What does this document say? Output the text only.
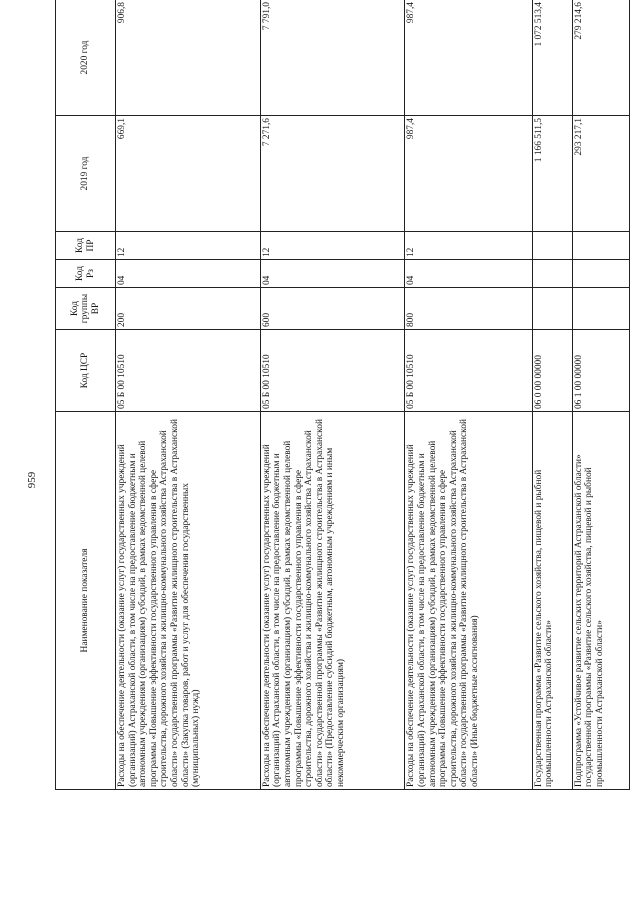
959
Наименование показателя	Код ЦСР	Код группы ВР	Код Рз	Код ПР	2019 год	2020 год
Расходы на обеспечение деятельности (оказание услуг) государственных учреждений (организаций) Астраханской области, в том числе на предоставление бюджетным и автономным учреждениям (организациям) субсидий, в рамках ведомственной целевой программы «Повышение эффективности государственного управления в сфере строительства, дорожного хозяйства и жилищно-коммунального хозяйства Астраханской области» государственной программы «Развитие жилищного строительства в Астраханской области» (Закупка товаров, работ и услуг для обеспечения государственных (муниципальных) нужд)	05 Б 00 10510	200	04	12	669,1	906,8
Расходы на обеспечение деятельности (оказание услуг) государственных учреждений (организаций) Астраханской области, в том числе на предоставление бюджетным и автономным учреждениям (организациям) субсидий, в рамках ведомственной целевой программы «Повышение эффективности государственного управления в сфере строительства, дорожного хозяйства и жилищно-коммунального хозяйства Астраханской области» государственной программы «Развитие жилищного строительства в Астраханской области» (Предоставление субсидий бюджетным, автономным учреждениям и иным некоммерческим организациям)	05 Б 00 10510	600	04	12	7 271,6	7 791,0
Расходы на обеспечение деятельности (оказание услуг) государственных учреждений (организаций) Астраханской области, в том числе на предоставление бюджетным и автономным учреждениям (организациям) субсидий, в рамках ведомственной целевой программы «Повышение эффективности государственного управления в сфере строительства, дорожного хозяйства и жилищно-коммунального хозяйства Астраханской области» государственной программы «Развитие жилищного строительства в Астраханской области» (Иные бюджетные ассигнования)	05 Б 00 10510	800	04	12	987,4	987,4
Государственная программа «Развитие сельского хозяйства, пищевой и рыбной промышленности Астраханской области»	06 0 00 00000				1 166 511,5	1 072 513,4
Подпрограмма «Устойчивое развитие сельских территорий Астраханской области» государственной программы «Развитие сельского хозяйства, пищевой и рыбной промышленности Астраханской области»	06 1 00 00000				293 217,1	279 214,6
